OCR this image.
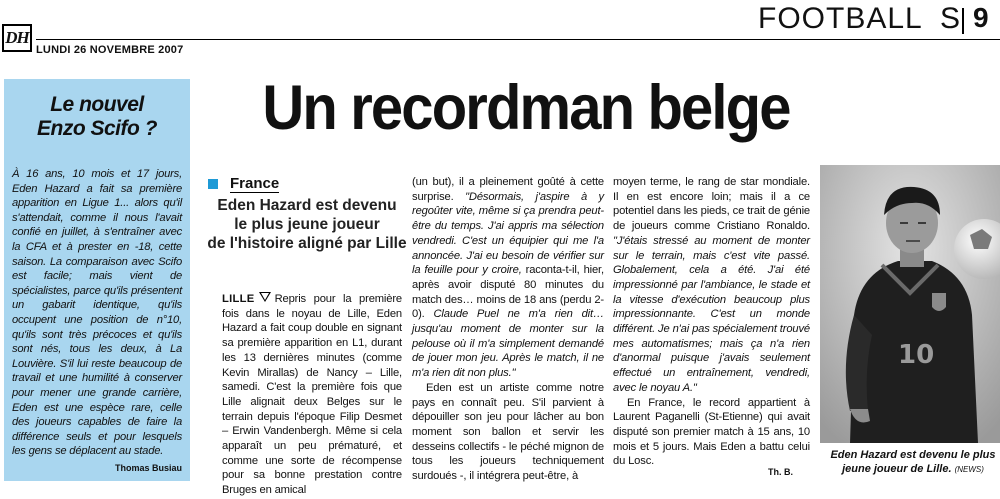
DH
LUNDI 26 NOVEMBRE 2007
FOOTBALL S 9
Le nouvel
Enzo Scifo ?

À 16 ans, 10 mois et 17 jours, Eden Hazard a fait sa première apparition en Ligue 1... alors qu'il s'attendait, comme il nous l'avait confié en juillet, à s'entraîner avec la CFA et à prester en -18, cette saison. La comparaison avec Scifo est facile; mais vient de spécialistes, parce qu'ils présentent un gabarit identique, qu'ils occupent une position de n°10, qu'ils sont très précoces et qu'ils sont nés, tous les deux, à La Louvière. S'il lui reste beaucoup de travail et une humilité à conserver pour mener une grande carrière, Eden est une espèce rare, celle des joueurs capables de faire la différence seuls et pour lesquels les gens se déplacent au stade.

Thomas Busiau

Un recordman belge
France
Eden Hazard est devenu
le plus jeune joueur
de l'histoire aligné par Lille

LILLE Repris pour la première fois dans le noyau de Lille, Eden Hazard a fait coup double en signant sa première apparition en L1, durant les 13 dernières minutes (comme Kevin Mirallas) de Nancy – Lille, samedi. C'est la première fois que Lille alignait deux Belges sur le terrain depuis l'époque Filip Desmet – Erwin Vandenbergh. Même si cela apparaît un peu prématuré, et comme une sorte de récompense pour sa bonne prestation contre Bruges en amical

(un but), il a pleinement goûté à cette surprise. "Désormais, j'aspire à y regoûter vite, même si ça prendra peut-être du temps. J'ai appris ma sélection vendredi. C'est un équipier qui me l'a annoncée. J'ai eu besoin de vérifier sur la feuille pour y croire, raconta-t-il, hier, après avoir disputé 80 minutes du match des… moins de 18 ans (perdu 2-0). Claude Puel ne m'a rien dit… jusqu'au moment de monter sur la pelouse où il m'a simplement demandé de jouer mon jeu. Après le match, il ne m'a rien dit non plus."

Eden est un artiste comme notre pays en connaît peu. S'il parvient à dépouiller son jeu pour lâcher au bon moment son ballon et servir les desseins collectifs - le péché mignon de tous les joueurs techniquement surdoués -, il intégrera peut-être, à

moyen terme, le rang de star mondiale. Il en est encore loin; mais il a ce potentiel dans les pieds, ce trait de génie de joueurs comme Cristiano Ronaldo. "J'étais stressé au moment de monter sur le terrain, mais c'est vite passé. Globalement, cela a été. J'ai été impressionné par l'ambiance, le stade et la vitesse d'exécution beaucoup plus impressionnante. C'est un monde différent. Je n'ai pas spécialement trouvé mes automatismes; mais ça n'a rien d'anormal puisque j'avais seulement effectué un entraînement, vendredi, avec le noyau A."

En France, le record appartient à Laurent Paganelli (St-Etienne) qui avait disputé son premier match à 15 ans, 10 mois et 5 jours. Mais Eden a battu celui du Losc.

Th. B.
10
Eden Hazard est devenu le plus jeune joueur de Lille. (NEWS)
